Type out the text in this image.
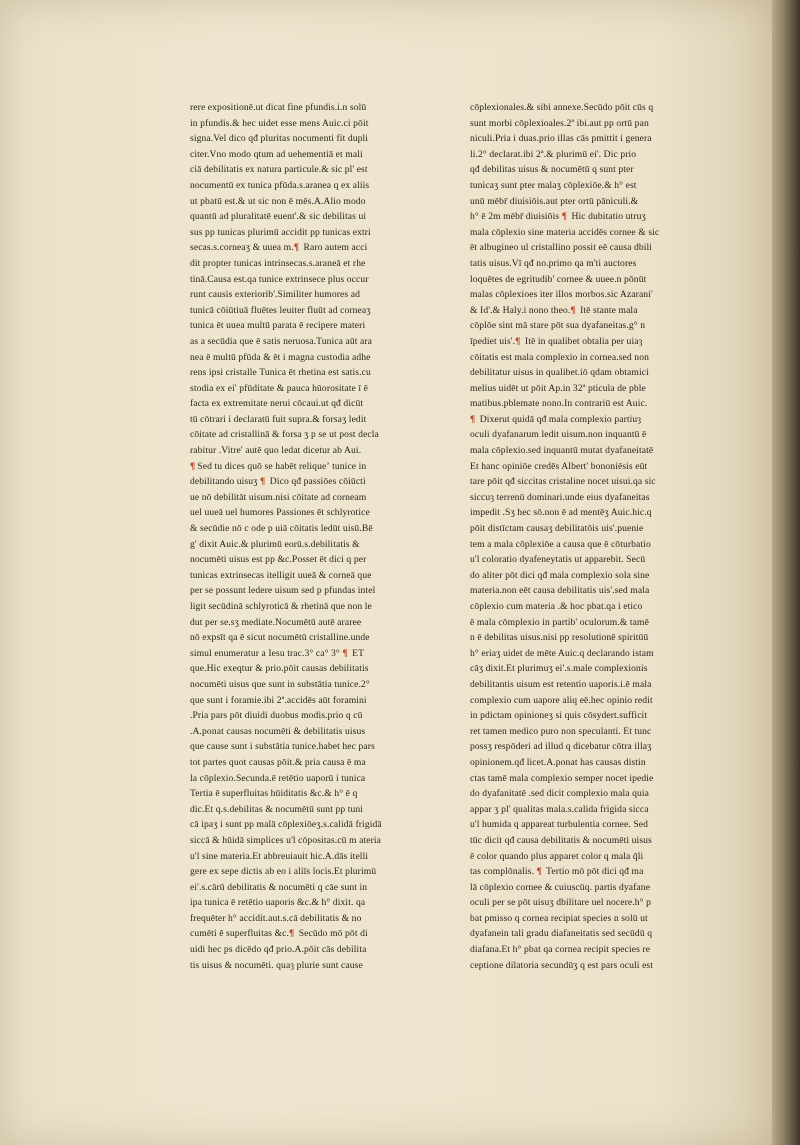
rere expositionē.ut dicat fine pfundis.i.n solū
in pfundis.& hec uidet esse mens Auic.ci pōit
signa.Vel dico qđ pluritas nocumenti fit dupli
citer.Vno modo qtum ad uehementiā et mali
ciā debilitatis ex natura particule.& sic pl' est
nocumentū ex tunica pfūda.s.aranea q ex aliis
ut pbatū est.& ut sic non ē mēs.A.Alio modo
quantū ad pluralitatē euent'.& sic debilitas ui
sus pp tunicas plurimū accidit pp tunicas extri
secas.s.corneaʒ & uuea m.¶ Raro autem acci
dit propter tunicas intrinsecas.s.araneā et rhe
tinā.Causa est.qa tunice extrinsece plus occur
runt causis exteriorib'.Similiter humores ad
tunicā cōiūtiuā fluētes leuiter fluūt ad corneaʒ
tunica ēt uuea multū parata ē recipere materi
as a secūdia que ē satis neruosa.Tunica aūt ara
nea ē multū pfūda & ēt i magna custodia adhe
rens ipsi cristalle Tunica ēt rhetina est satis.cu
stodia ex ei' pfūditate & pauca hūorositate ī ē
facta ex extremitate nerui cōcaui.ut qđ dicūt
tū cōtrari i declaratū fuit supra.& forsaʒ ledit
cōitate ad cristallinā & forsa ʒ p se ut post decla
rabitur .Vitre' autē quo ledat dicetur ab Aui.
¶ Sed tu dices quō se habēt reliqueʼ tunice in
debilitando uisuʒ ¶ Dico qđ passiōes cōiūcti
ue nō debilitāt uisum.nisi cōitate ad corneam
uel uueā uel humores Passiones ēt schlyrotice
& secūdie nō c ode p uiā cōitatis ledūt uisū.Bē
g' dixit Auic.& plurimū eorū.s.debilitatis &
nocumēti uisus est pp &c.Posset ēt dici q per
tunicas extrinsecas itelligit uueā & corneā que
per se possunt ledere uisum sed p pfundas intel
ligit secūdinā schlyroticā & rhetinā que non le
dut per se.sʒ mediate.Nocumētū autē araree
nō expsīt qa ē sicut nocumētū cristalline.unde
simul enumeratur a Iesu trac.3° ca° 3° ¶ ET
que.Hic exeqtur & prio.pōit causas debilitatis
nocumēti uisus que sunt in substātia tunice.2°
que sunt i foramie.ibi 2ª.accidēs aūt foramini
.Pria pars pōt diuidi duobus modis.prio q cū
.A.ponat causas nocumēti & debilitatis uisus
que cause sunt i substātia tunice.habet hec pars
tot partes quot causas pōit.& pria causa ē ma
la cōplexio.Secunda.ē retētio uaporū i tunica
Tertia ē superfluitas hūiditatis &c.& h° ē q
dic.Et q.s.debilitas & nocumētū sunt pp tuni
cā ipaʒ i sunt pp malā cōplexiōeʒ.s.calidā frigidā
siccā & hūidā simplices u'l cōpositas.cū m ateria
u'l sine materia.Et abbreuiauit hic.A.dās itelli
gere ex sepe dictis ab eo i aliīs locis.Et plurimū
ei'.s.cārū debilitatis & nocumēti q cāe sunt in
ipa tunica ē retētio uaporis &c.& h° dixit. qa
frequēter h° accidit.aut.s.cā debilitatis & no
cumēti ē superfluitas &c.¶ Secūdo mō pōt di
uidi hec ps dicēdo qđ prio.A.pōit cās debilita
tis uisus & nocumēti. quaȝ plurie sunt cause
cōplexionales.& sibi annexe.Secūdo pōit cūs q
sunt morbi cōplexioales.2ª ibi.aut pp ortū pan
niculi.Pria i duas.prio illas cās pmittit i genera
li.2° declarat.ibi 2ª.& plurimū ei'. Dic prio
qđ debilitas uisus & nocumētū q sunt pter
tunicaʒ sunt pter malaʒ cōplexiōe.& h° est
unū mēbr̄ diuisiōis.aut pter ortū pāniculi.&
h° ē 2m mēbr̄ diuisiōis ¶ Hic dubitatio utruʒ
mala cōplexio sine materia accidēs cornee & sic
ēt albugineo ul cristallino possit eē causa dbili
tatis uisus.Vī qđ no.primo qa m'ti auctores
loquētes de egritudib' cornee & uuee.n pōnūt
malas cōplexioes iter illos morbos.sic Azarani'
& Id'.& Haly.i nono theo.¶ Itē stante mala
cōplōe sint mā stare pōt sua dyafaneitas.g° n
īpediet uis'.¶ Itē in qualibet obtalia per uiaȝ
cōitatis est mala complexio in cornea.sed non
debilitatur uisus in qualibet.iō qdam obtamici
melius uidēt ut pōit Ap.in 32ª pticula de pble
matibus.pblemate nono.In contrariū est Auic.
¶ Dixerut quidā qđ mala complexio partiuȝ
oculi dyafanarum ledit uisum.non inquantū ē
mala cōplexio.sed inquantū mutat dyafaneitatē
Et hanc opiniōe credēs Albert' bononiēsis eūt
tare pōit qđ siccitas cristaline nocet uisui.qa sic
siccuȝ terrenū dominari.unde eius dyafaneitas
impedit .Sʒ hec sō.non ē ad mentēʒ Auic.hic.q
pōit distīctam causaʒ debilitatōis uis'.puenie
tem a mala cōplexiōe a causa que ē cōturbatio
u'l coloratio dyafeneytatis ut apparebit. Secū
do aliter pōt dici qđ mala complexio sola sine
materia.non eēt causa debilitatis uis'.sed mala
cōplexio cum materia .& hoc pbat.qa i etico
ē mala cōmplexio in partib' oculorum.& tamē
n ē debilitas uisus.nisi pp resolutionē spiritūū
h° eriaʒ uidet de mēte Auic.q declarando istam
cāʒ dixit.Et plurimuʒ ei'.s.male complexionis
debilitantis uisum est retentio uaporis.i.ē mala
complexio cum uapore aliq eē.hec opinio redit
in pdictam opinioneʒ si quis cōsydert.sufficit
ret tamen medico puro non speculanti. Et tunc
possʒ respōderi ad illud q dicebatur cōtra illaʒ
opinionem.qđ licet.A.ponat has causas distin
ctas tamē mala complexio semper nocet ipedie
do dyafanitatē .sed dicit complexio mala quia
appar ʒ pl' qualitas mala.s.calida frigida sicca
u'l humida q appareat turbulentia cornee. Sed
tūc dicit qđ causa debilitatis & nocumēti uisus
ē color quando plus apparet color q mala q̄li
tas complōnalis. ¶ Tertio mō pōt dici qđ ma
lā cōplexio cornee & cuiuscūq. partis dyafane
oculi per se pōt uisuʒ dbilitare uel nocere.h° p
bat pmisso q cornea recipiat species n solū ut
dyafanein tali gradu diafaneitatis sed secūdū q
diafana.Et h° pbat qa cornea recipit species re
ceptione dilatoria secundūʒ q est pars oculi est
